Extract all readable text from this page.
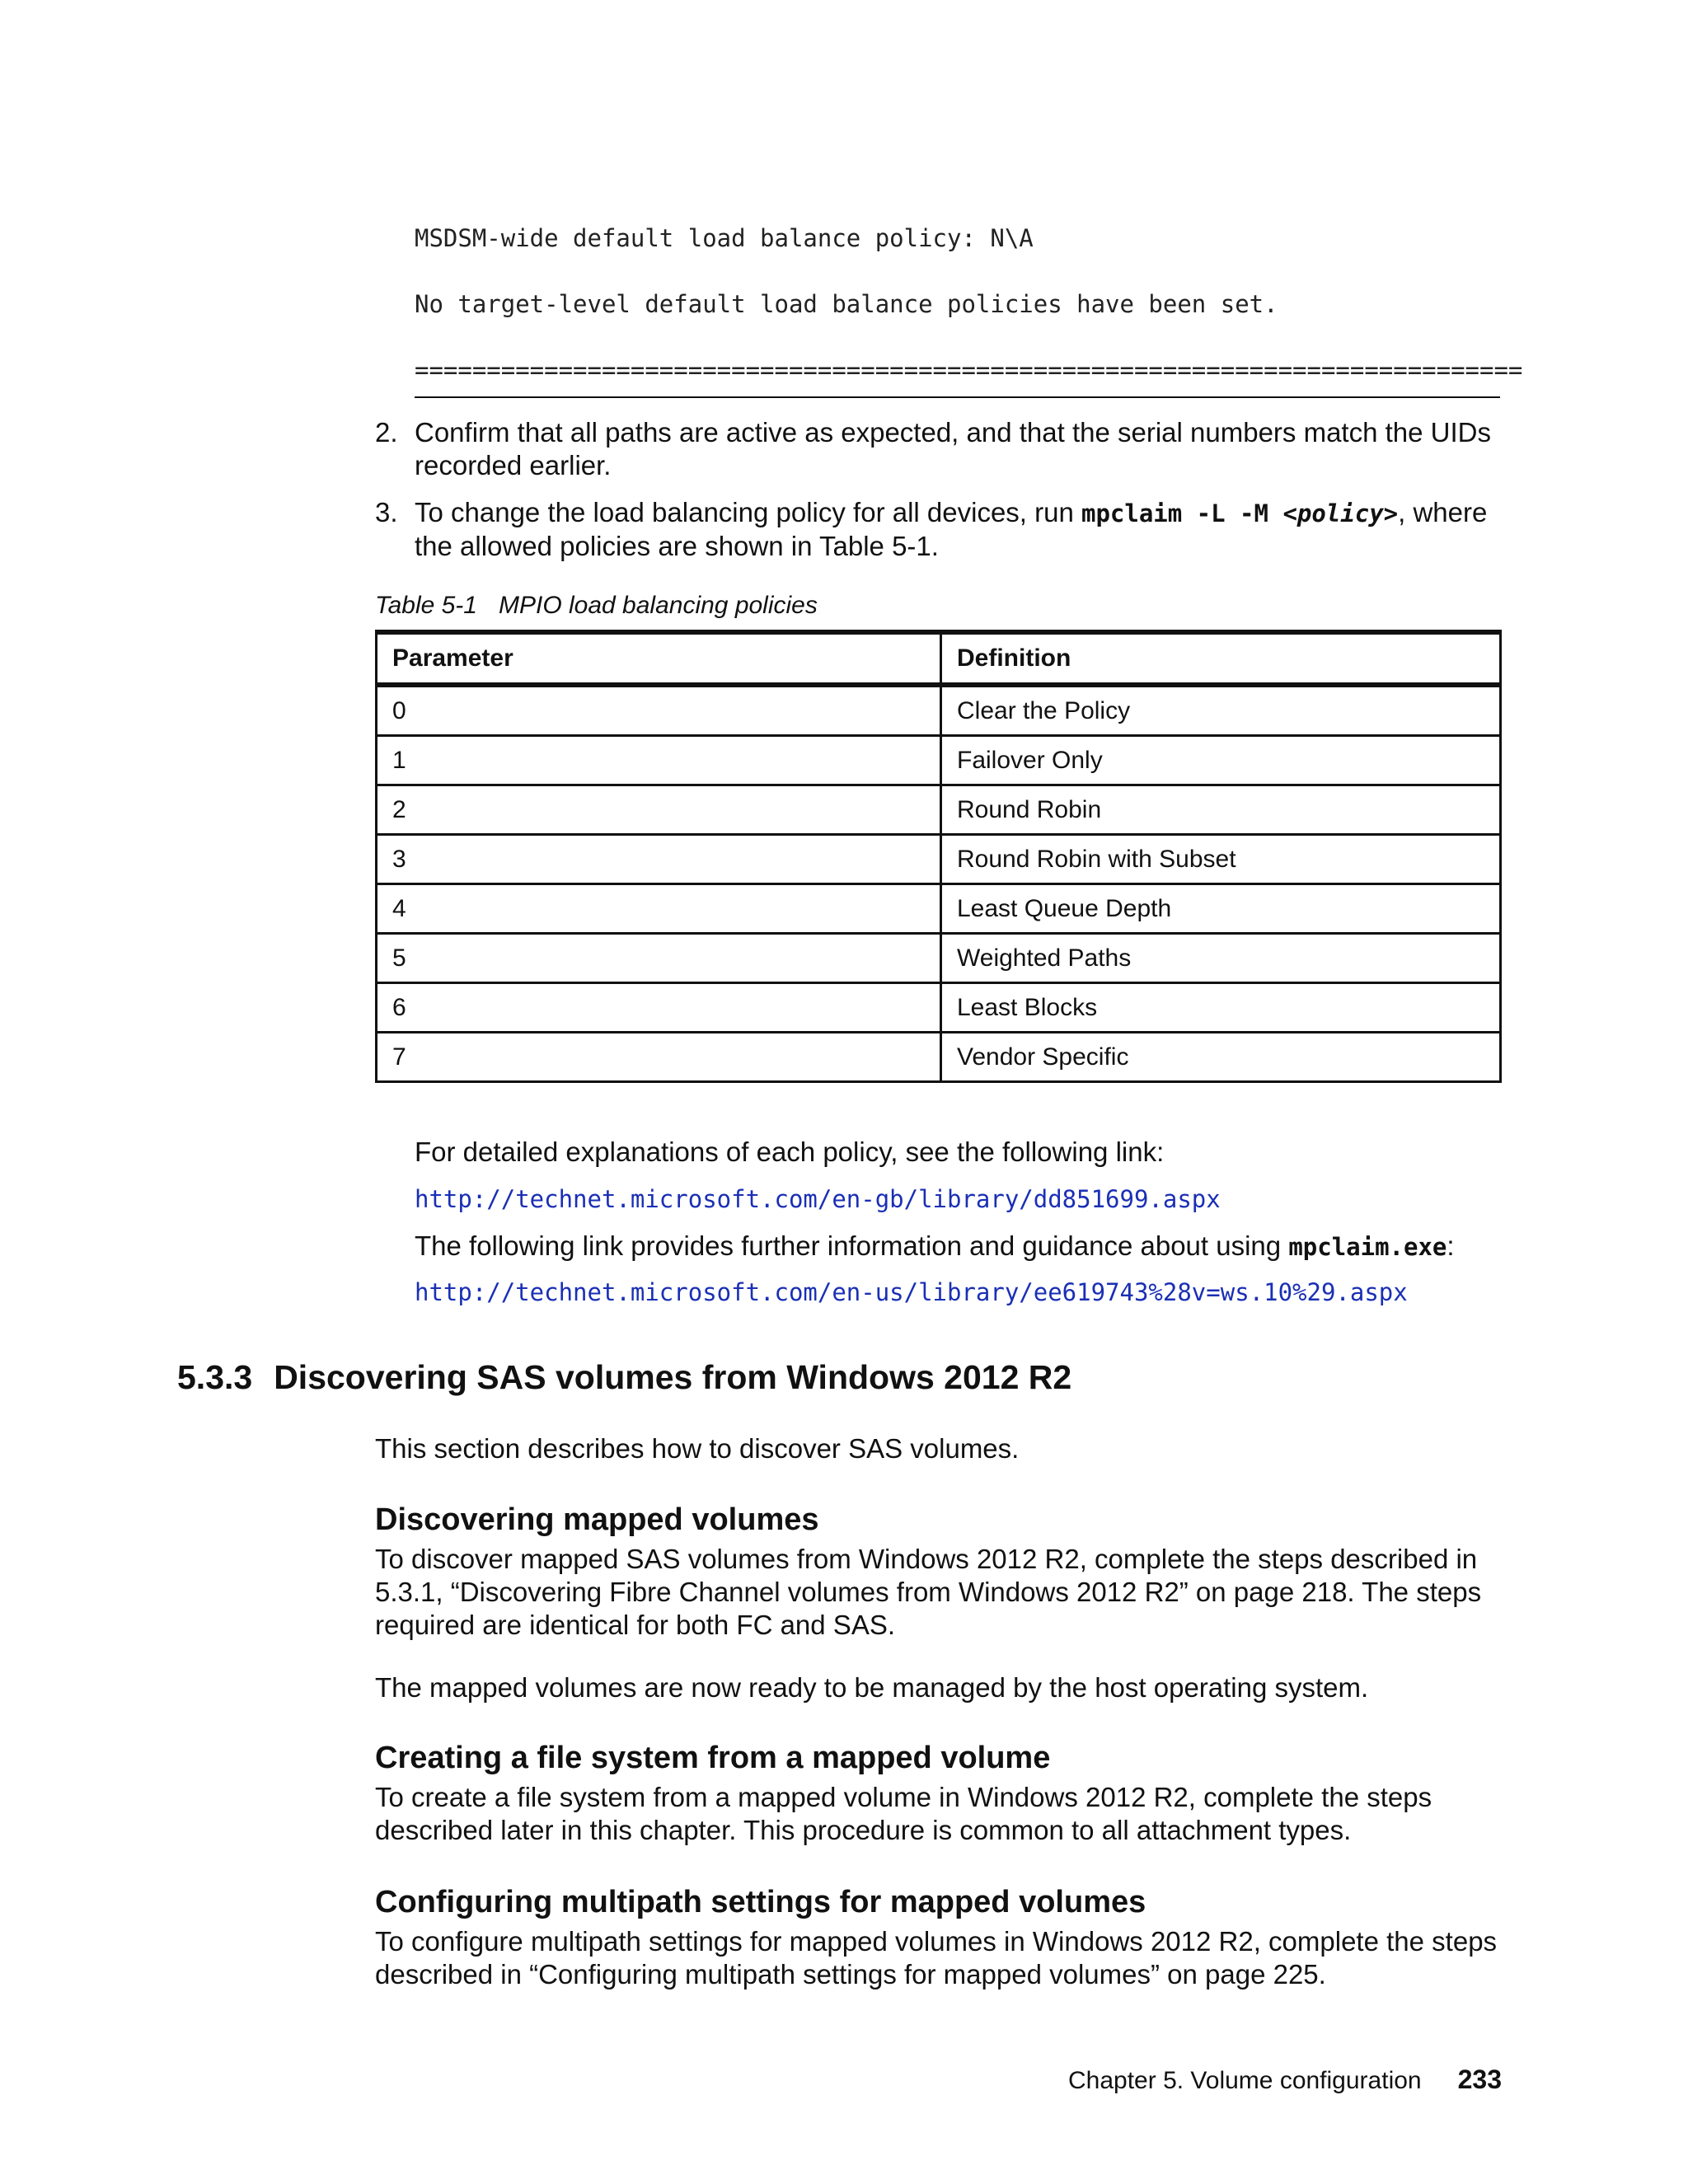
MSDSM-wide default load balance policy: N\A
No target-level default load balance policies have been set.
=============================================================================
2. Confirm that all paths are active as expected, and that the serial numbers match the UIDs recorded earlier.
3. To change the load balancing policy for all devices, run mpclaim -L -M <policy>, where the allowed policies are shown in Table 5-1.
Table 5-1 MPIO load balancing policies
Parameter	Definition
0	Clear the Policy
1	Failover Only
2	Round Robin
3	Round Robin with Subset
4	Least Queue Depth
5	Weighted Paths
6	Least Blocks
7	Vendor Specific
For detailed explanations of each policy, see the following link:
http://technet.microsoft.com/en-gb/library/dd851699.aspx
The following link provides further information and guidance about using mpclaim.exe:
http://technet.microsoft.com/en-us/library/ee619743%28v=ws.10%29.aspx
5.3.3 Discovering SAS volumes from Windows 2012 R2
This section describes how to discover SAS volumes.
Discovering mapped volumes
To discover mapped SAS volumes from Windows 2012 R2, complete the steps described in 5.3.1, “Discovering Fibre Channel volumes from Windows 2012 R2” on page 218. The steps required are identical for both FC and SAS.
The mapped volumes are now ready to be managed by the host operating system.
Creating a file system from a mapped volume
To create a file system from a mapped volume in Windows 2012 R2, complete the steps described later in this chapter. This procedure is common to all attachment types.
Configuring multipath settings for mapped volumes
To configure multipath settings for mapped volumes in Windows 2012 R2, complete the steps described in “Configuring multipath settings for mapped volumes” on page 225.
Chapter 5. Volume configuration 233
